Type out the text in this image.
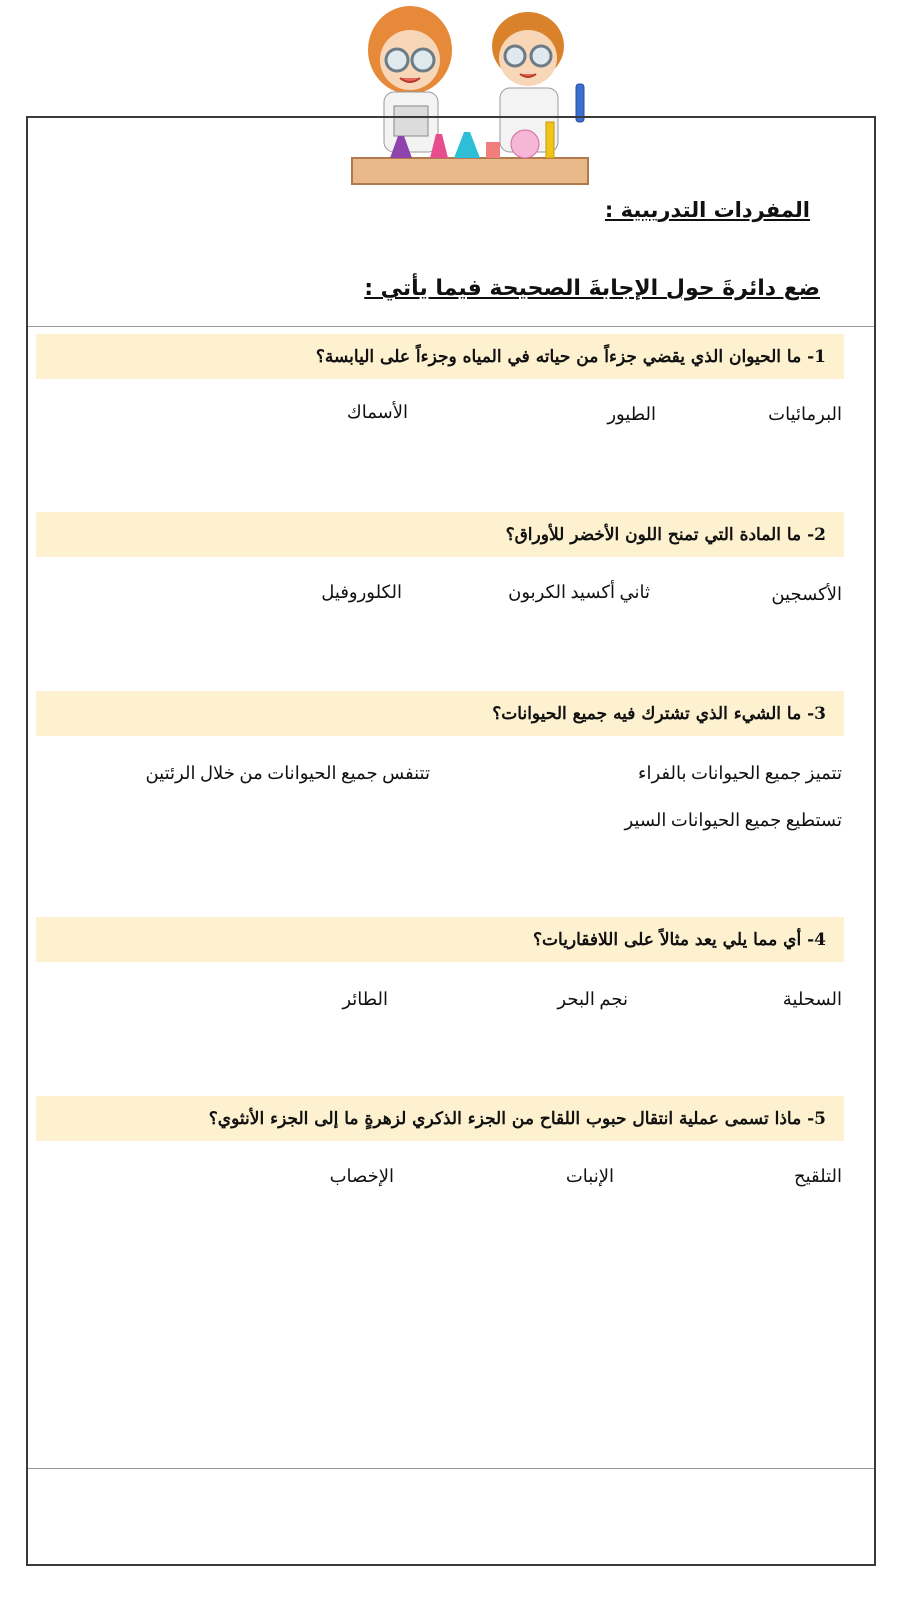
المفردات التدريبية :
ضع دائرةَ حول الإجابةَ الصحيحة فيما يأتي :
1- ما الحيوان الذي يقضي جزءاً من حياته في المياه وجزءاً على اليابسة؟
البرمائيات
الطيور
الأسماك
2- ما المادة التي تمنح اللون الأخضر للأوراق؟
الأكسجين
ثاني أكسيد الكربون
الكلوروفيل
3- ما الشيء الذي تشترك فيه جميع الحيوانات؟
تتميز جميع الحيوانات بالفراء
تتنفس جميع الحيوانات من خلال الرئتين
تستطيع جميع الحيوانات السير
4- أي مما يلي يعد مثالاً على اللافقاريات؟
السحلية
نجم البحر
الطائر
5- ماذا تسمى عملية انتقال حبوب اللقاح من الجزء الذكري لزهرةٍ ما إلى الجزء الأنثوي؟
التلقيح
الإنبات
الإخصاب
